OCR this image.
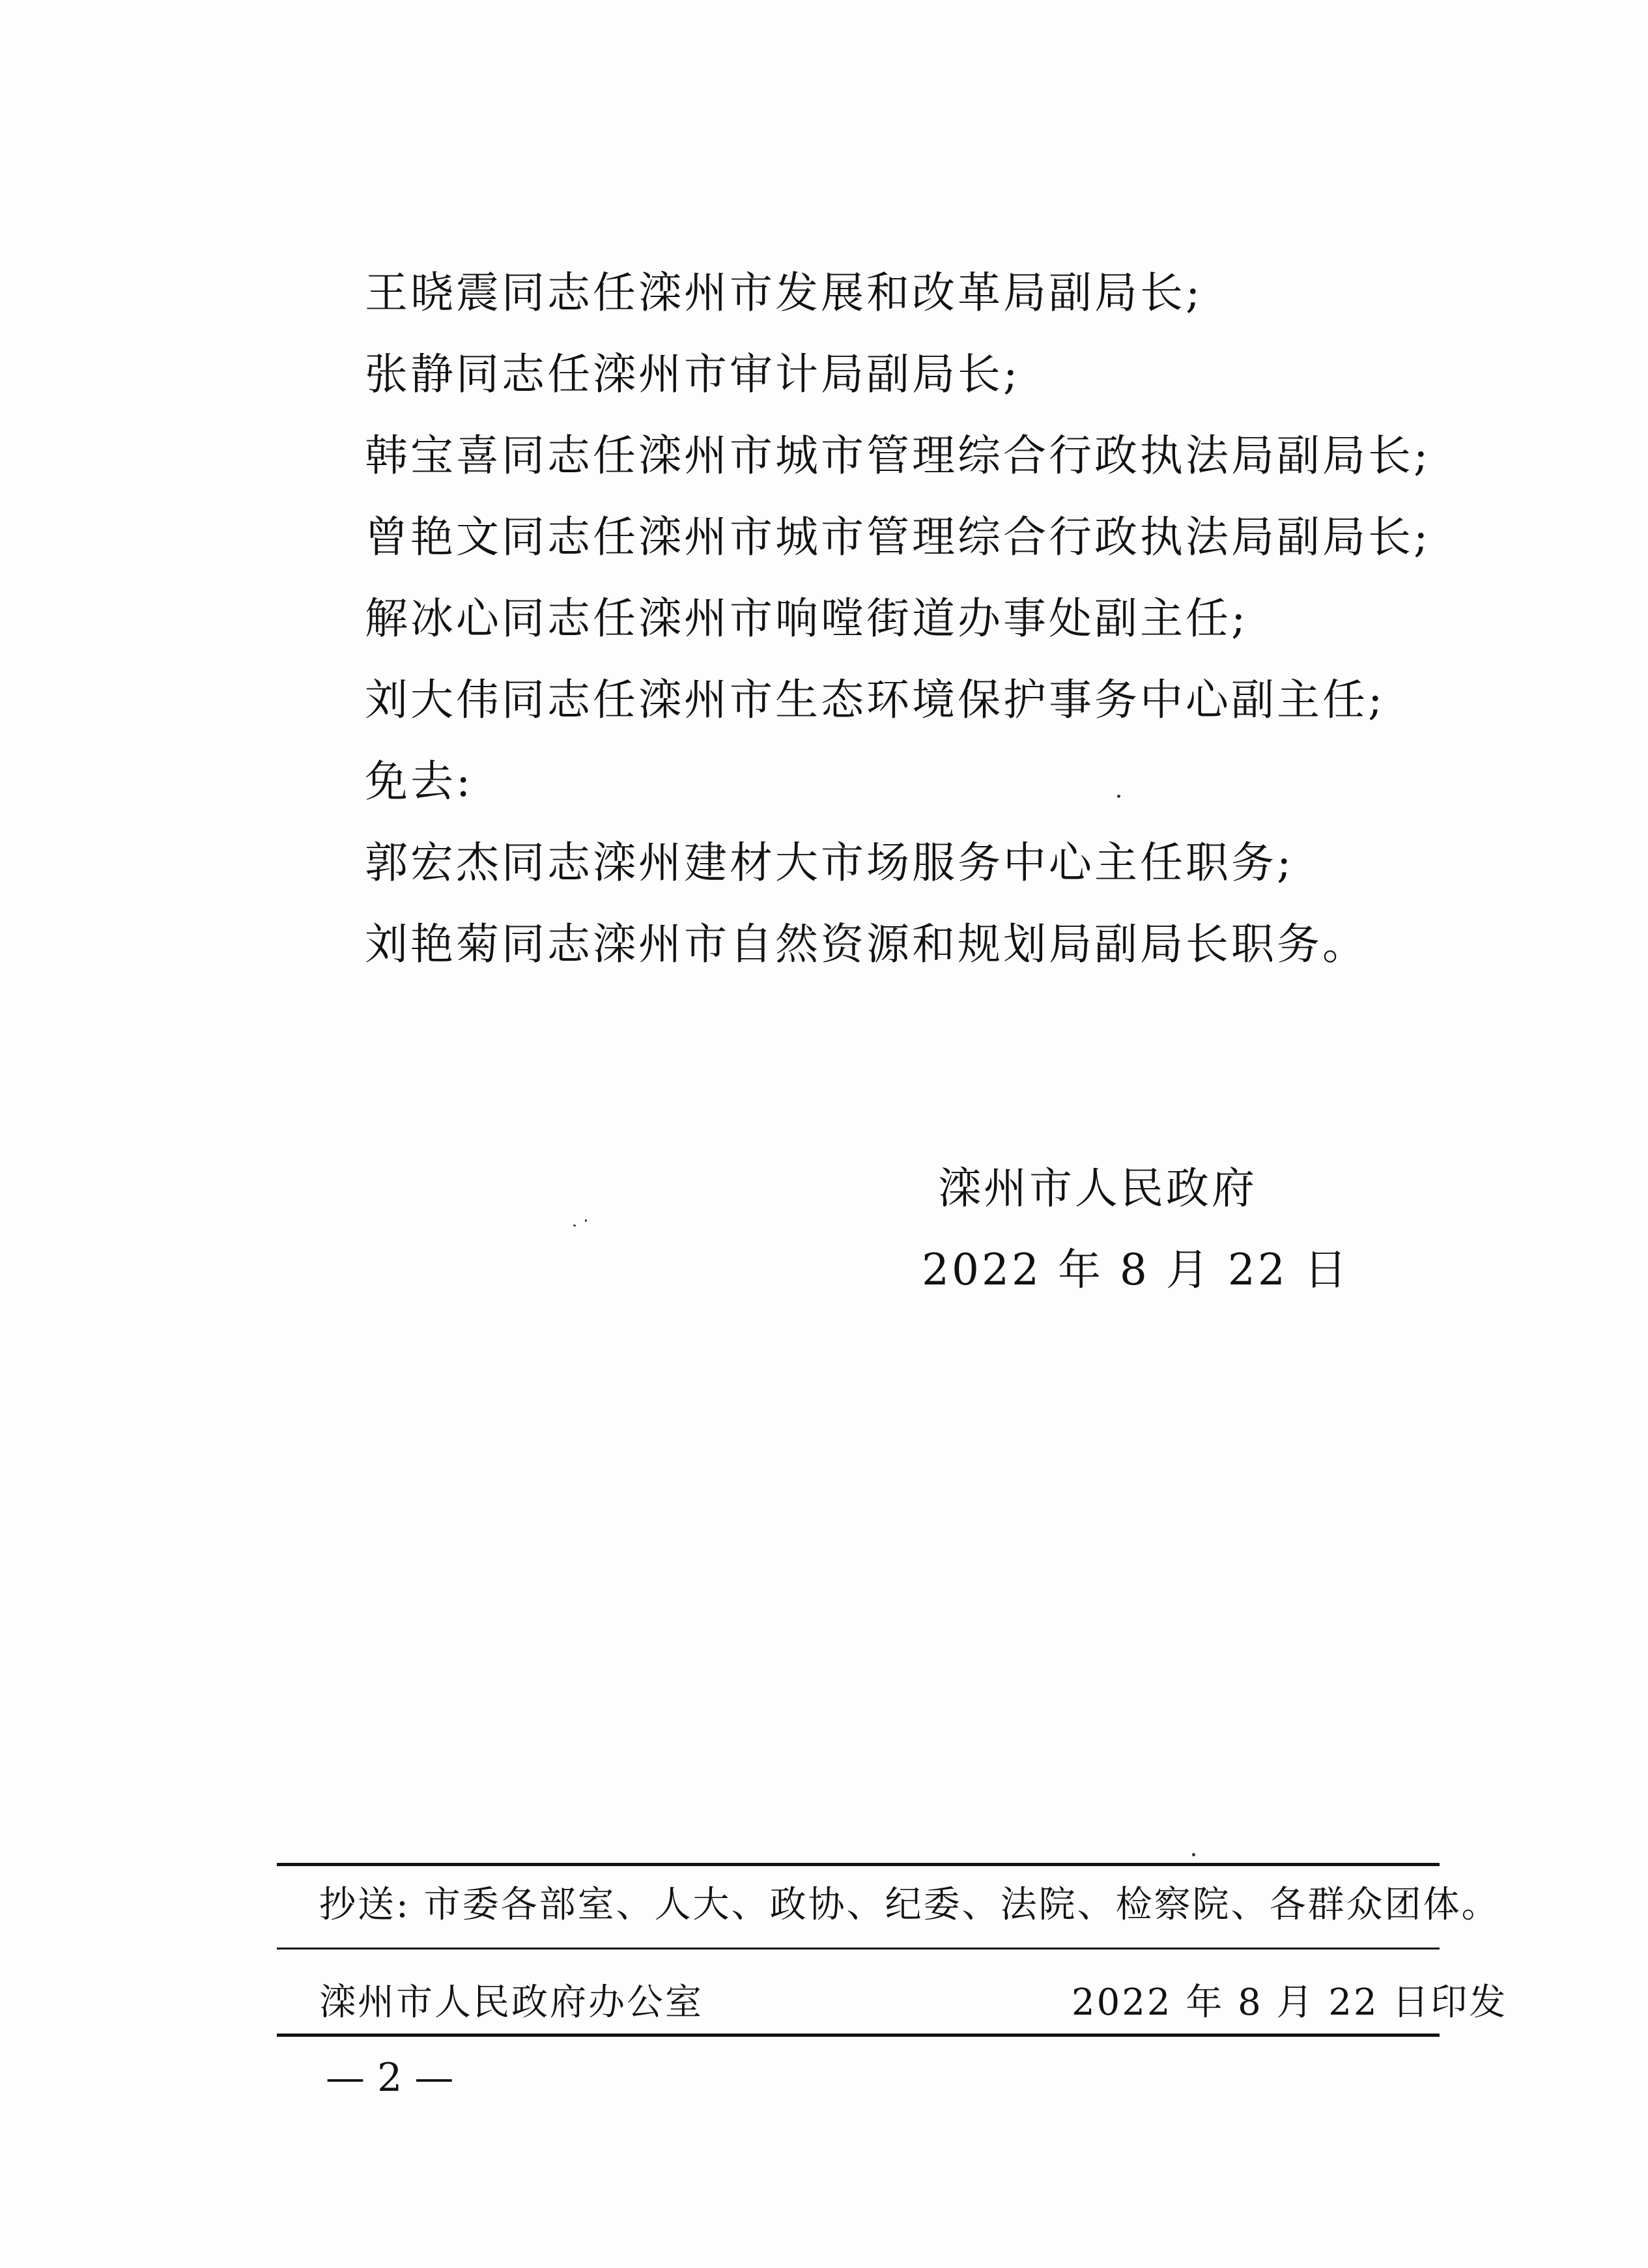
王晓震同志任滦州市发展和改革局副局长;
张静同志任滦州市审计局副局长;
韩宝喜同志任滦州市城市管理综合行政执法局副局长;
曾艳文同志任滦州市城市管理综合行政执法局副局长;
解冰心同志任滦州市响嘡街道办事处副主任;
刘大伟同志任滦州市生态环境保护事务中心副主任;
免去:
郭宏杰同志滦州建材大市场服务中心主任职务;
刘艳菊同志滦州市自然资源和规划局副局长职务。
滦州市人民政府
2022 年 8 月 22 日
抄送: 市委各部室、人大、政协、纪委、法院、检察院、各群众团体。
滦州市人民政府办公室	2022 年 8 月 22 日印发
— 2 —
